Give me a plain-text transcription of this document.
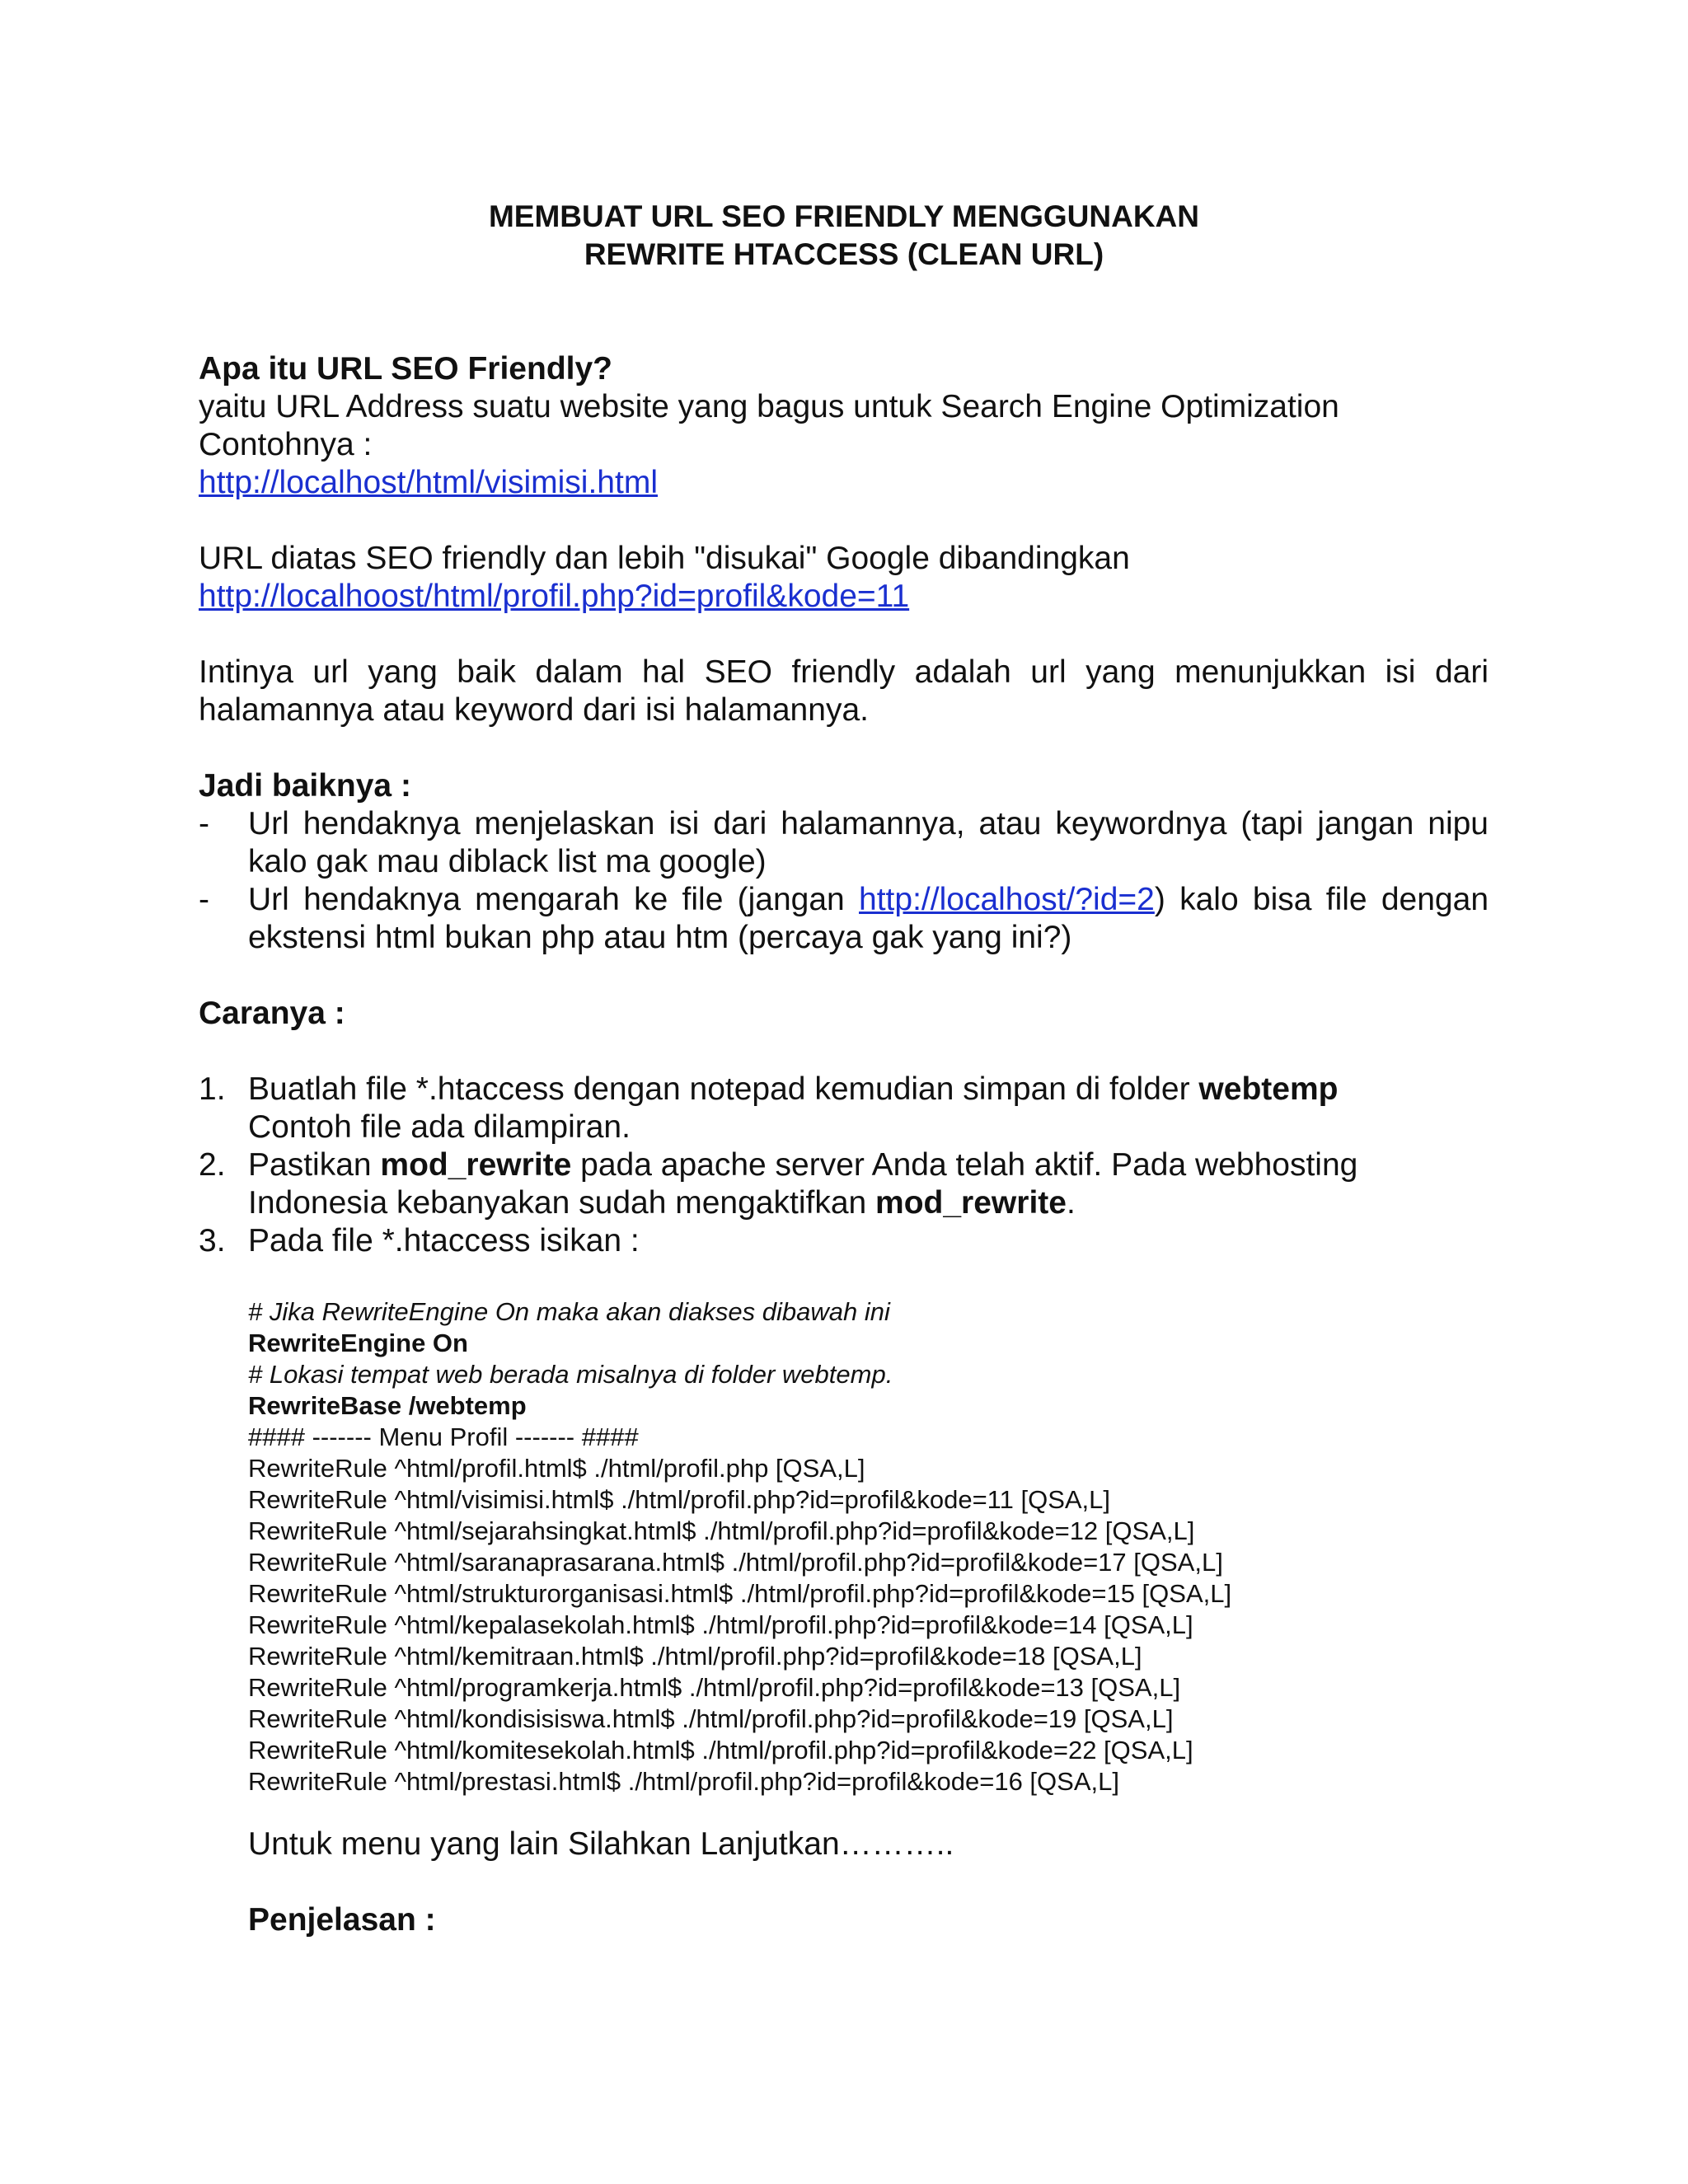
MEMBUAT URL SEO FRIENDLY MENGGUNAKAN
REWRITE HTACCESS (CLEAN URL)

Apa itu URL SEO Friendly?

yaitu URL Address suatu website yang bagus untuk Search Engine Optimization

Contohnya :

http://localhost/html/visimisi.html

URL diatas SEO friendly dan lebih "disukai" Google dibandingkan

http://localhoost/html/profil.php?id=profil&kode=11

Intinya url yang baik dalam hal SEO friendly adalah url yang menunjukkan isi dari halamannya atau keyword dari isi halamannya.

Jadi baiknya :

- Url hendaknya menjelaskan isi dari halamannya, atau keywordnya (tapi jangan nipu kalo gak mau diblack list ma google)
- Url hendaknya mengarah ke file (jangan http://localhost/?id=2) kalo bisa file dengan ekstensi html bukan php atau htm (percaya gak yang ini?)

Caranya :

1. Buatlah file *.htaccess dengan notepad kemudian simpan di folder webtemp
Contoh file ada dilampiran.
2. Pastikan mod_rewrite pada apache server Anda telah aktif. Pada webhosting Indonesia kebanyakan sudah mengaktifkan mod_rewrite.
3. Pada file *.htaccess isikan :

# Jika RewriteEngine On maka akan diakses dibawah ini

RewriteEngine On

# Lokasi tempat web berada misalnya di folder webtemp.

RewriteBase /webtemp

#### ------- Menu Profil ------- ####

RewriteRule ^html/profil.html$ ./html/profil.php [QSA,L]

RewriteRule ^html/visimisi.html$ ./html/profil.php?id=profil&kode=11 [QSA,L]

RewriteRule ^html/sejarahsingkat.html$ ./html/profil.php?id=profil&kode=12 [QSA,L]

RewriteRule ^html/saranaprasarana.html$ ./html/profil.php?id=profil&kode=17 [QSA,L]

RewriteRule ^html/strukturorganisasi.html$ ./html/profil.php?id=profil&kode=15 [QSA,L]

RewriteRule ^html/kepalasekolah.html$ ./html/profil.php?id=profil&kode=14 [QSA,L]

RewriteRule ^html/kemitraan.html$ ./html/profil.php?id=profil&kode=18 [QSA,L]

RewriteRule ^html/programkerja.html$ ./html/profil.php?id=profil&kode=13 [QSA,L]

RewriteRule ^html/kondisisiswa.html$ ./html/profil.php?id=profil&kode=19 [QSA,L]

RewriteRule ^html/komitesekolah.html$ ./html/profil.php?id=profil&kode=22 [QSA,L]

RewriteRule ^html/prestasi.html$ ./html/profil.php?id=profil&kode=16 [QSA,L]

Untuk menu yang lain Silahkan Lanjutkan………..

Penjelasan :
